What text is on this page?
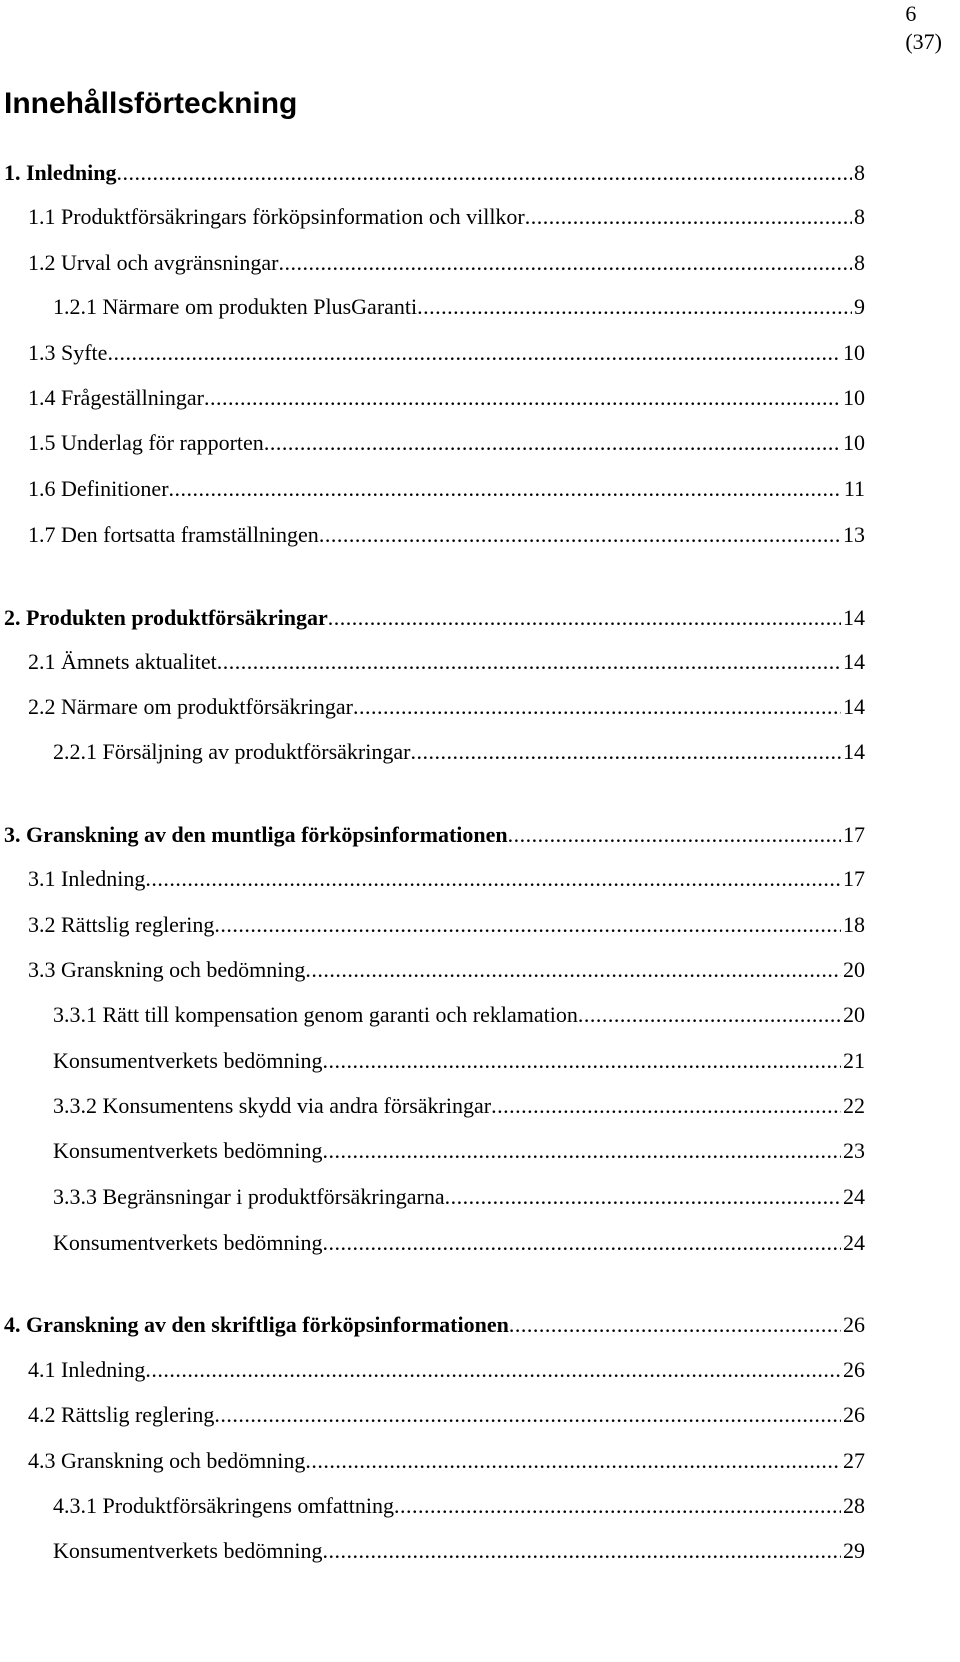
6
(37)
Innehållsförteckning
1. Inledning .....	8
1.1 Produktförsäkringars förköpsinformation och villkor .....	8
1.2 Urval och avgränsningar .....	8
1.2.1 Närmare om produkten PlusGaranti .....	9
1.3 Syfte .....	10
1.4 Frågeställningar .....	10
1.5 Underlag för rapporten .....	10
1.6 Definitioner .....	11
1.7 Den fortsatta framställningen .....	13
2. Produkten produktförsäkringar .....	14
2.1 Ämnets aktualitet .....	14
2.2 Närmare om produktförsäkringar .....	14
2.2.1 Försäljning av produktförsäkringar .....	14
3. Granskning av den muntliga förköpsinformationen .....	17
3.1 Inledning .....	17
3.2 Rättslig reglering .....	18
3.3 Granskning och bedömning .....	20
3.3.1 Rätt till kompensation genom garanti och reklamation .....	20
Konsumentverkets bedömning .....	21
3.3.2 Konsumentens skydd via andra försäkringar .....	22
Konsumentverkets bedömning .....	23
3.3.3 Begränsningar i produktförsäkringarna .....	24
Konsumentverkets bedömning .....	24
4. Granskning av den skriftliga förköpsinformationen .....	26
4.1 Inledning .....	26
4.2 Rättslig reglering .....	26
4.3 Granskning och bedömning .....	27
4.3.1 Produktförsäkringens omfattning .....	28
Konsumentverkets bedömning .....	29
